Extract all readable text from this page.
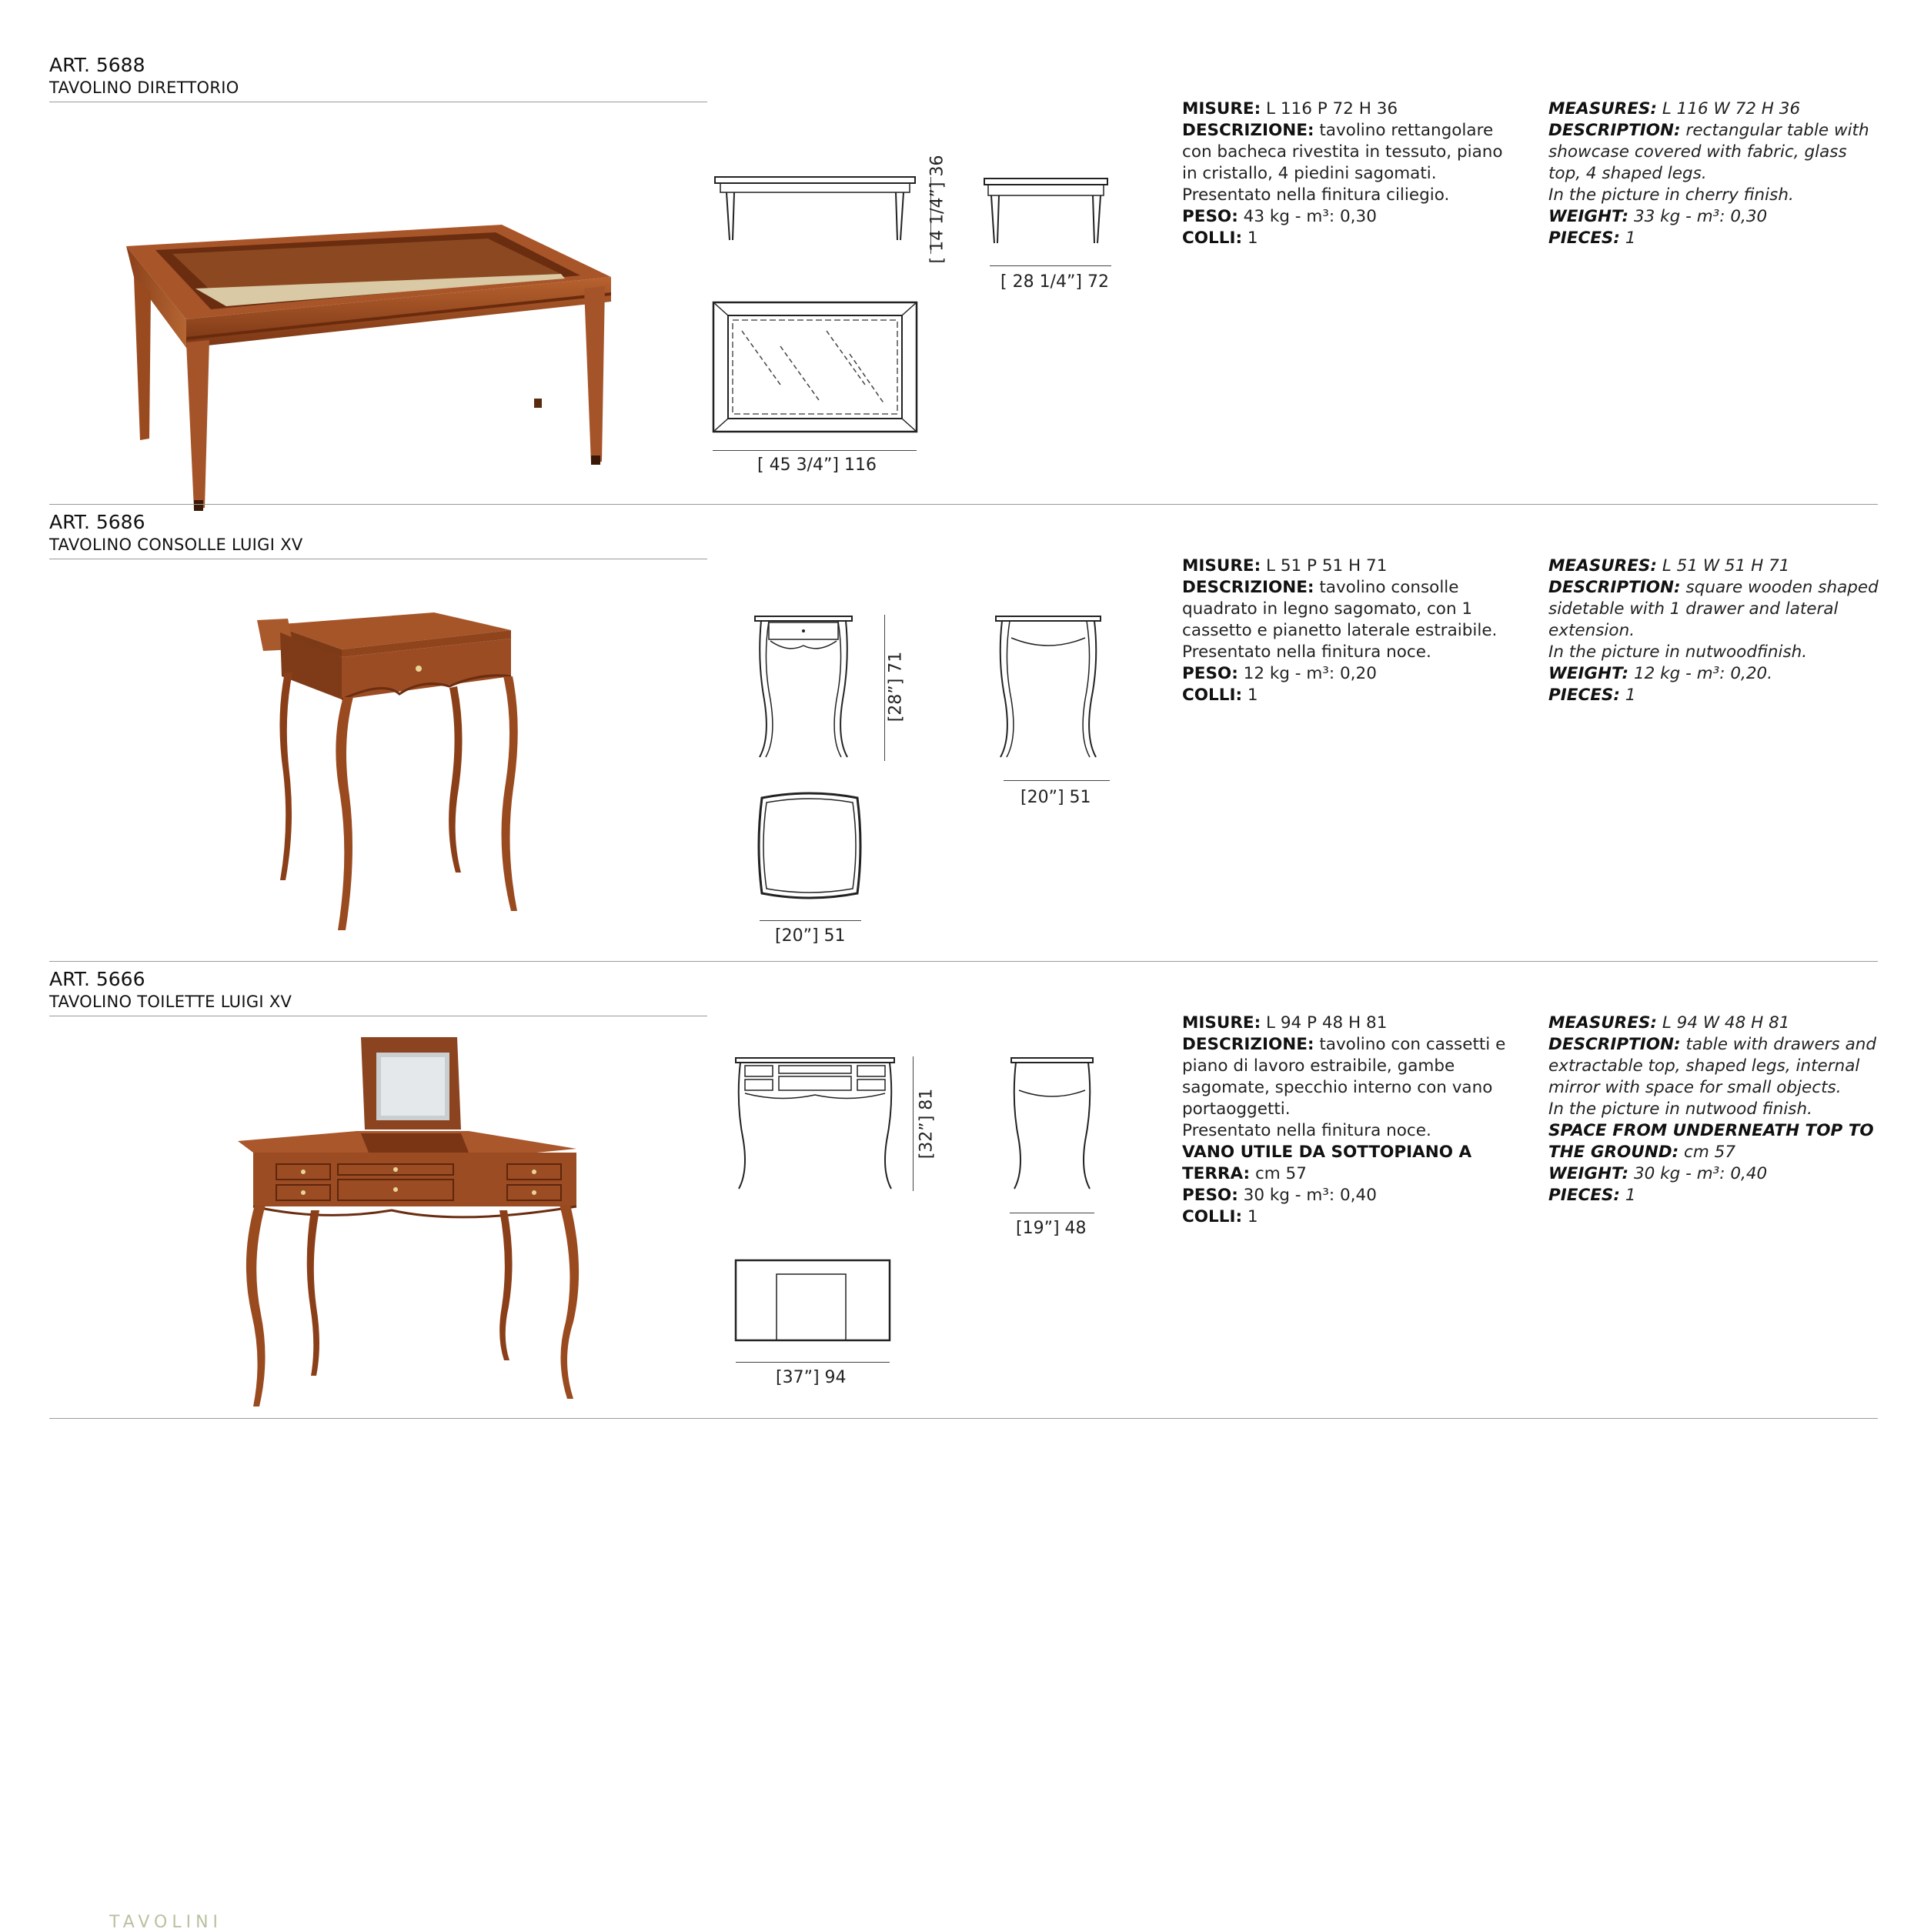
ART. 5688
TAVOLINO DIRETTORIO
[ 14 1/4”] 36
[ 28 1/4”] 72
[ 45 3/4”] 116

MISURE: L 116 P 72 H 36

DESCRIZIONE: tavolino rettangolare con bacheca rivestita in tessuto, piano in cristallo, 4 piedini sagomati.

Presentato nella finitura ciliegio.

PESO: 43 kg - m³: 0,30

COLLI: 1

MEASURES: L 116 W 72 H 36

DESCRIPTION: rectangular table with showcase covered with fabric, glass top, 4 shaped legs.

In the picture in cherry finish.

WEIGHT: 33 kg - m³: 0,30

PIECES: 1

ART. 5686
TAVOLINO CONSOLLE LUIGI XV
[28”] 71
[20”] 51
[20”] 51

MISURE: L 51 P 51 H 71

DESCRIZIONE: tavolino consolle quadrato in legno sagomato, con 1 cassetto e pianetto laterale estraibile.

Presentato nella finitura noce.

PESO: 12 kg - m³: 0,20

COLLI: 1

MEASURES: L 51 W 51 H 71

DESCRIPTION: square wooden shaped sidetable with 1 drawer and lateral extension.

In the picture in nutwoodfinish.

WEIGHT: 12 kg - m³: 0,20.

PIECES: 1

ART. 5666
TAVOLINO TOILETTE LUIGI XV
[32”] 81
[19”] 48
[37”] 94

MISURE: L 94 P 48 H 81

DESCRIZIONE: tavolino con cassetti e piano di lavoro estraibile, gambe sagomate, specchio interno con vano portaoggetti.

Presentato nella finitura noce.

VANO UTILE DA SOTTOPIANO A TERRA: cm 57

PESO: 30 kg - m³: 0,40

COLLI: 1

MEASURES: L 94 W 48 H 81

DESCRIPTION: table with drawers and extractable top, shaped legs, internal mirror with space for small objects.

In the picture in nutwood finish.

SPACE FROM UNDERNEATH TOP TO THE GROUND: cm 57

WEIGHT: 30 kg - m³: 0,40

PIECES: 1

TAVOLINI
